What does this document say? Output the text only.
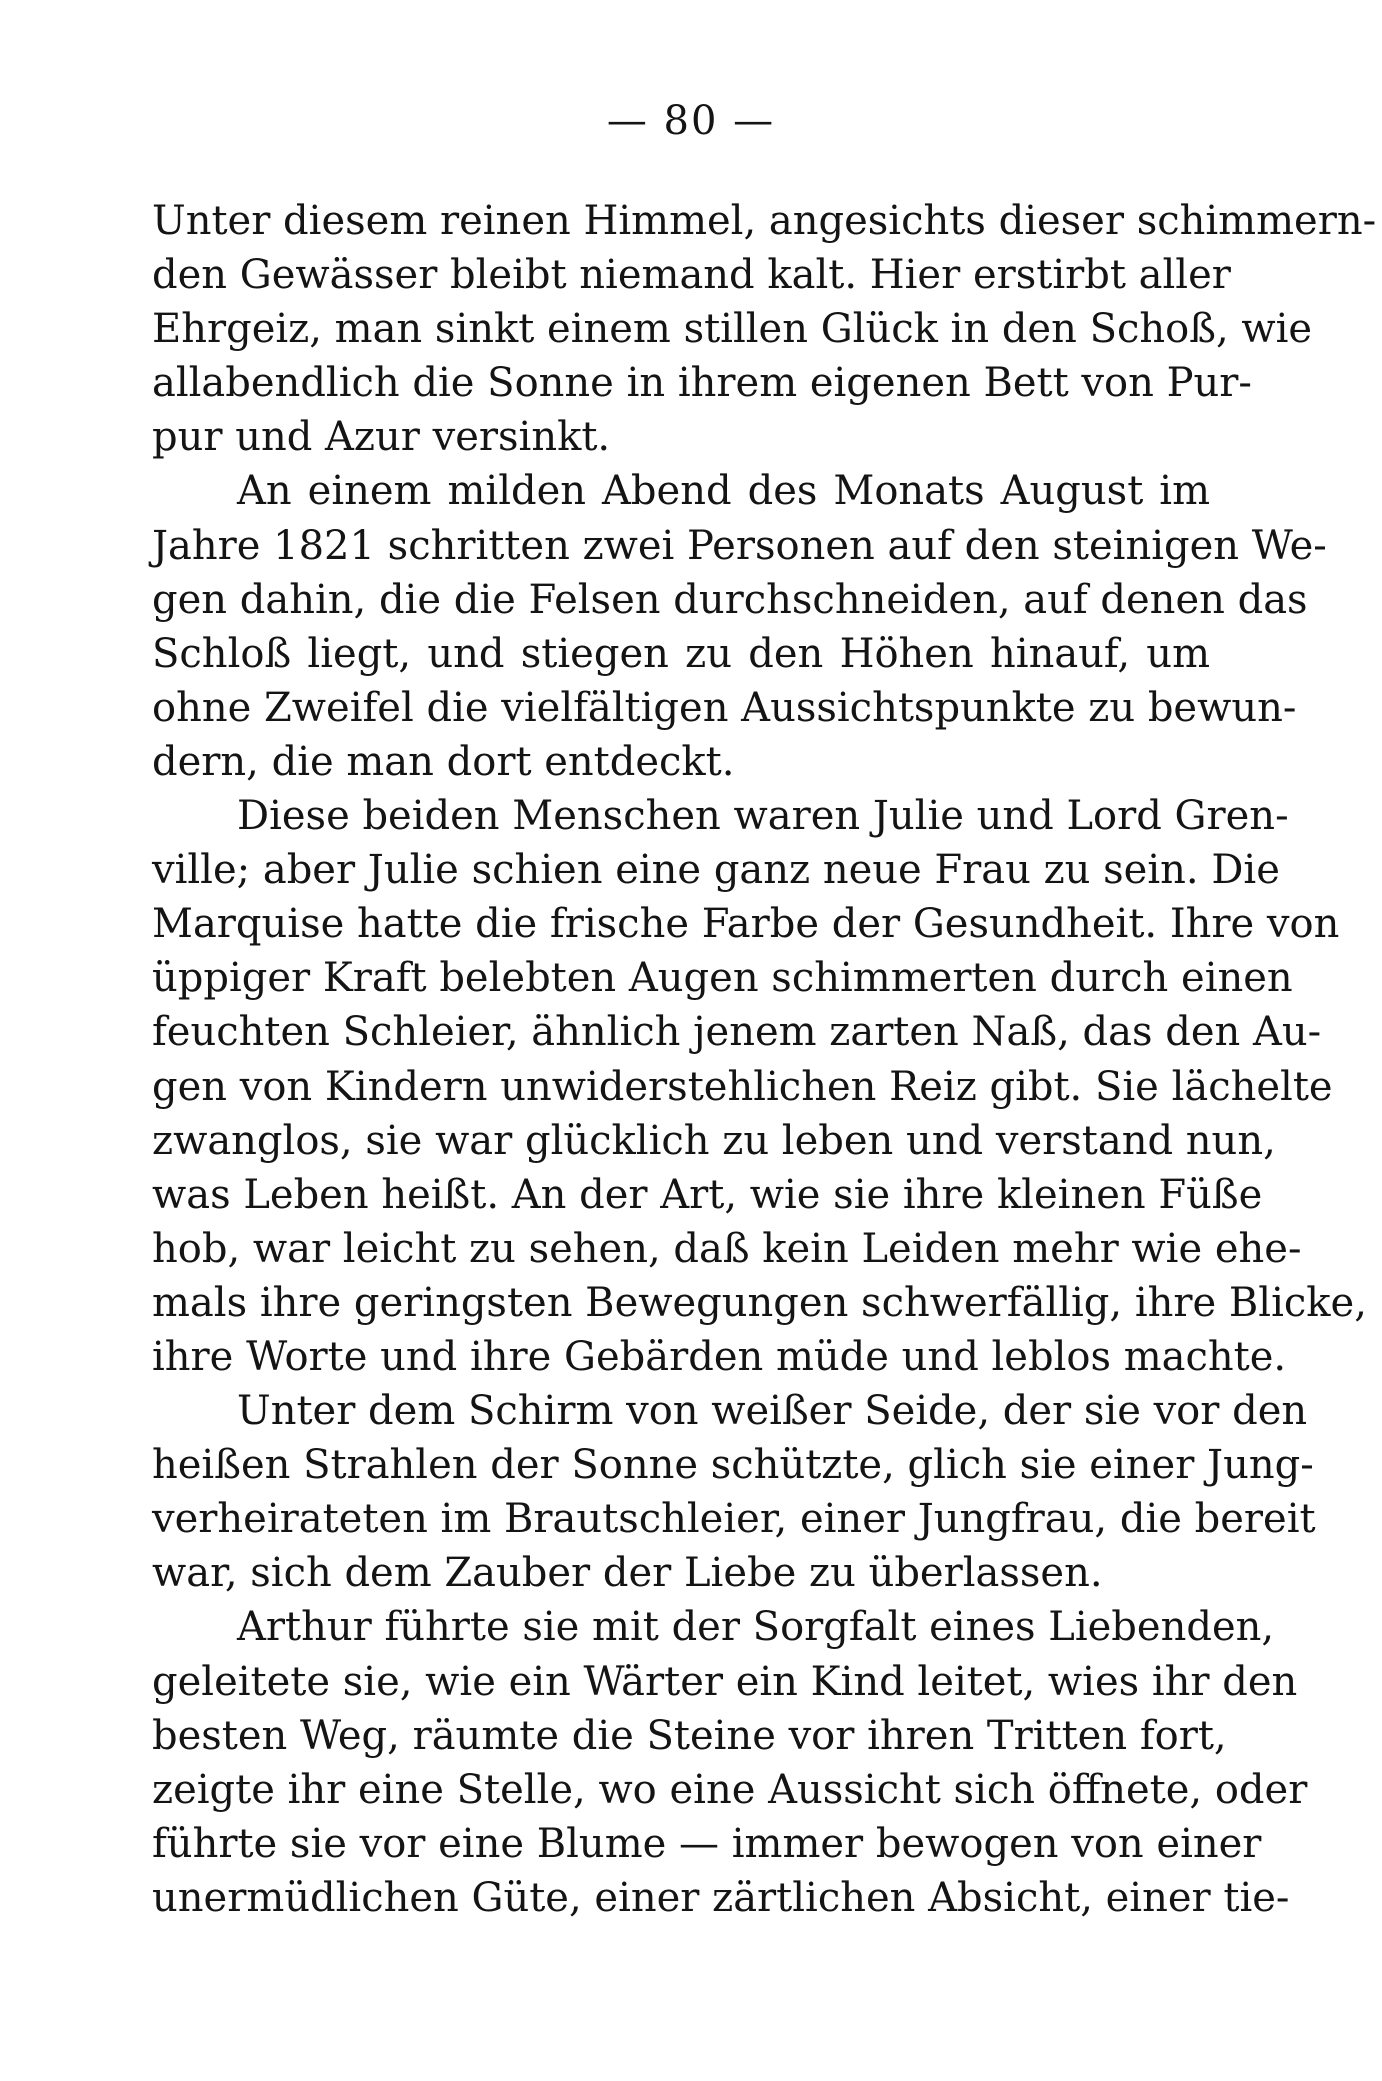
— 80 —
Unter diesem reinen Himmel, angesichts dieser schimmern-
den Gewässer bleibt niemand kalt. Hier erstirbt aller
Ehrgeiz, man sinkt einem stillen Glück in den Schoß, wie
allabendlich die Sonne in ihrem eigenen Bett von Pur-
pur und Azur versinkt.
An einem milden Abend des Monats August im
Jahre 1821 schritten zwei Personen auf den steinigen We-
gen dahin, die die Felsen durchschneiden, auf denen das
Schloß liegt, und stiegen zu den Höhen hinauf, um
ohne Zweifel die vielfältigen Aussichtspunkte zu bewun-
dern, die man dort entdeckt.
Diese beiden Menschen waren Julie und Lord Gren-
ville; aber Julie schien eine ganz neue Frau zu sein. Die
Marquise hatte die frische Farbe der Gesundheit. Ihre von
üppiger Kraft belebten Augen schimmerten durch einen
feuchten Schleier, ähnlich jenem zarten Naß, das den Au-
gen von Kindern unwiderstehlichen Reiz gibt. Sie lächelte
zwanglos, sie war glücklich zu leben und verstand nun,
was Leben heißt. An der Art, wie sie ihre kleinen Füße
hob, war leicht zu sehen, daß kein Leiden mehr wie ehe-
mals ihre geringsten Bewegungen schwerfällig, ihre Blicke,
ihre Worte und ihre Gebärden müde und leblos machte.
Unter dem Schirm von weißer Seide, der sie vor den
heißen Strahlen der Sonne schützte, glich sie einer Jung-
verheirateten im Brautschleier, einer Jungfrau, die bereit
war, sich dem Zauber der Liebe zu überlassen.
Arthur führte sie mit der Sorgfalt eines Liebenden,
geleitete sie, wie ein Wärter ein Kind leitet, wies ihr den
besten Weg, räumte die Steine vor ihren Tritten fort,
zeigte ihr eine Stelle, wo eine Aussicht sich öffnete, oder
führte sie vor eine Blume — immer bewogen von einer
unermüdlichen Güte, einer zärtlichen Absicht, einer tie-
